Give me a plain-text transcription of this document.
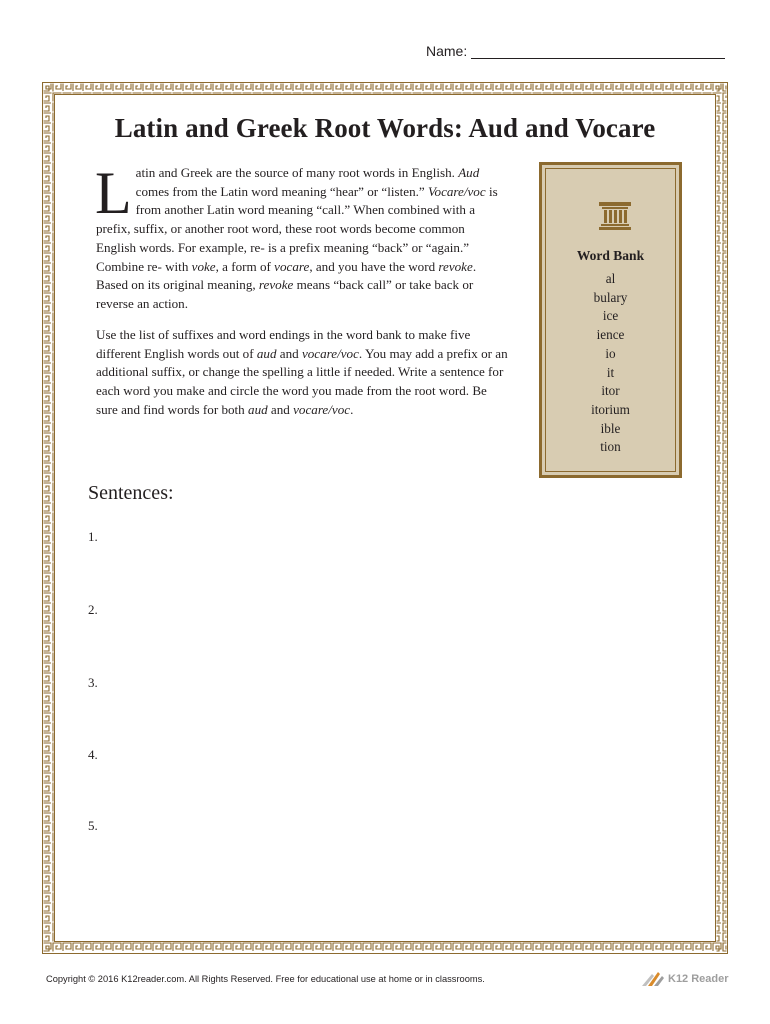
Name:
Latin and Greek Root Words: Aud and Vocare
Latin and Greek are the source of many root words in English. Aud comes from the Latin word meaning “hear” or “listen.” Vocare/voc is from another Latin word meaning “call.” When combined with a prefix, suffix, or another root word, these root words become common English words. For example, re- is a prefix meaning “back” or “again.” Combine re- with voke, a form of vocare, and you have the word revoke. Based on its original meaning, revoke means “back call” or take back or reverse an action.
Use the list of suffixes and word endings in the word bank to make five different English words out of aud and vocare/voc. You may add a prefix or an additional suffix, or change the spelling a little if needed. Write a sentence for each word you make and circle the word you made from the root word. Be sure and find words for both aud and vocare/voc.
Word Bank
al
bulary
ice
ience
io
it
itor
itorium
ible
tion
Sentences:
1.
2.
3.
4.
5.
Copyright © 2016 K12reader.com. All Rights Reserved. Free for educational use at home or in classrooms.	K12 Reader
